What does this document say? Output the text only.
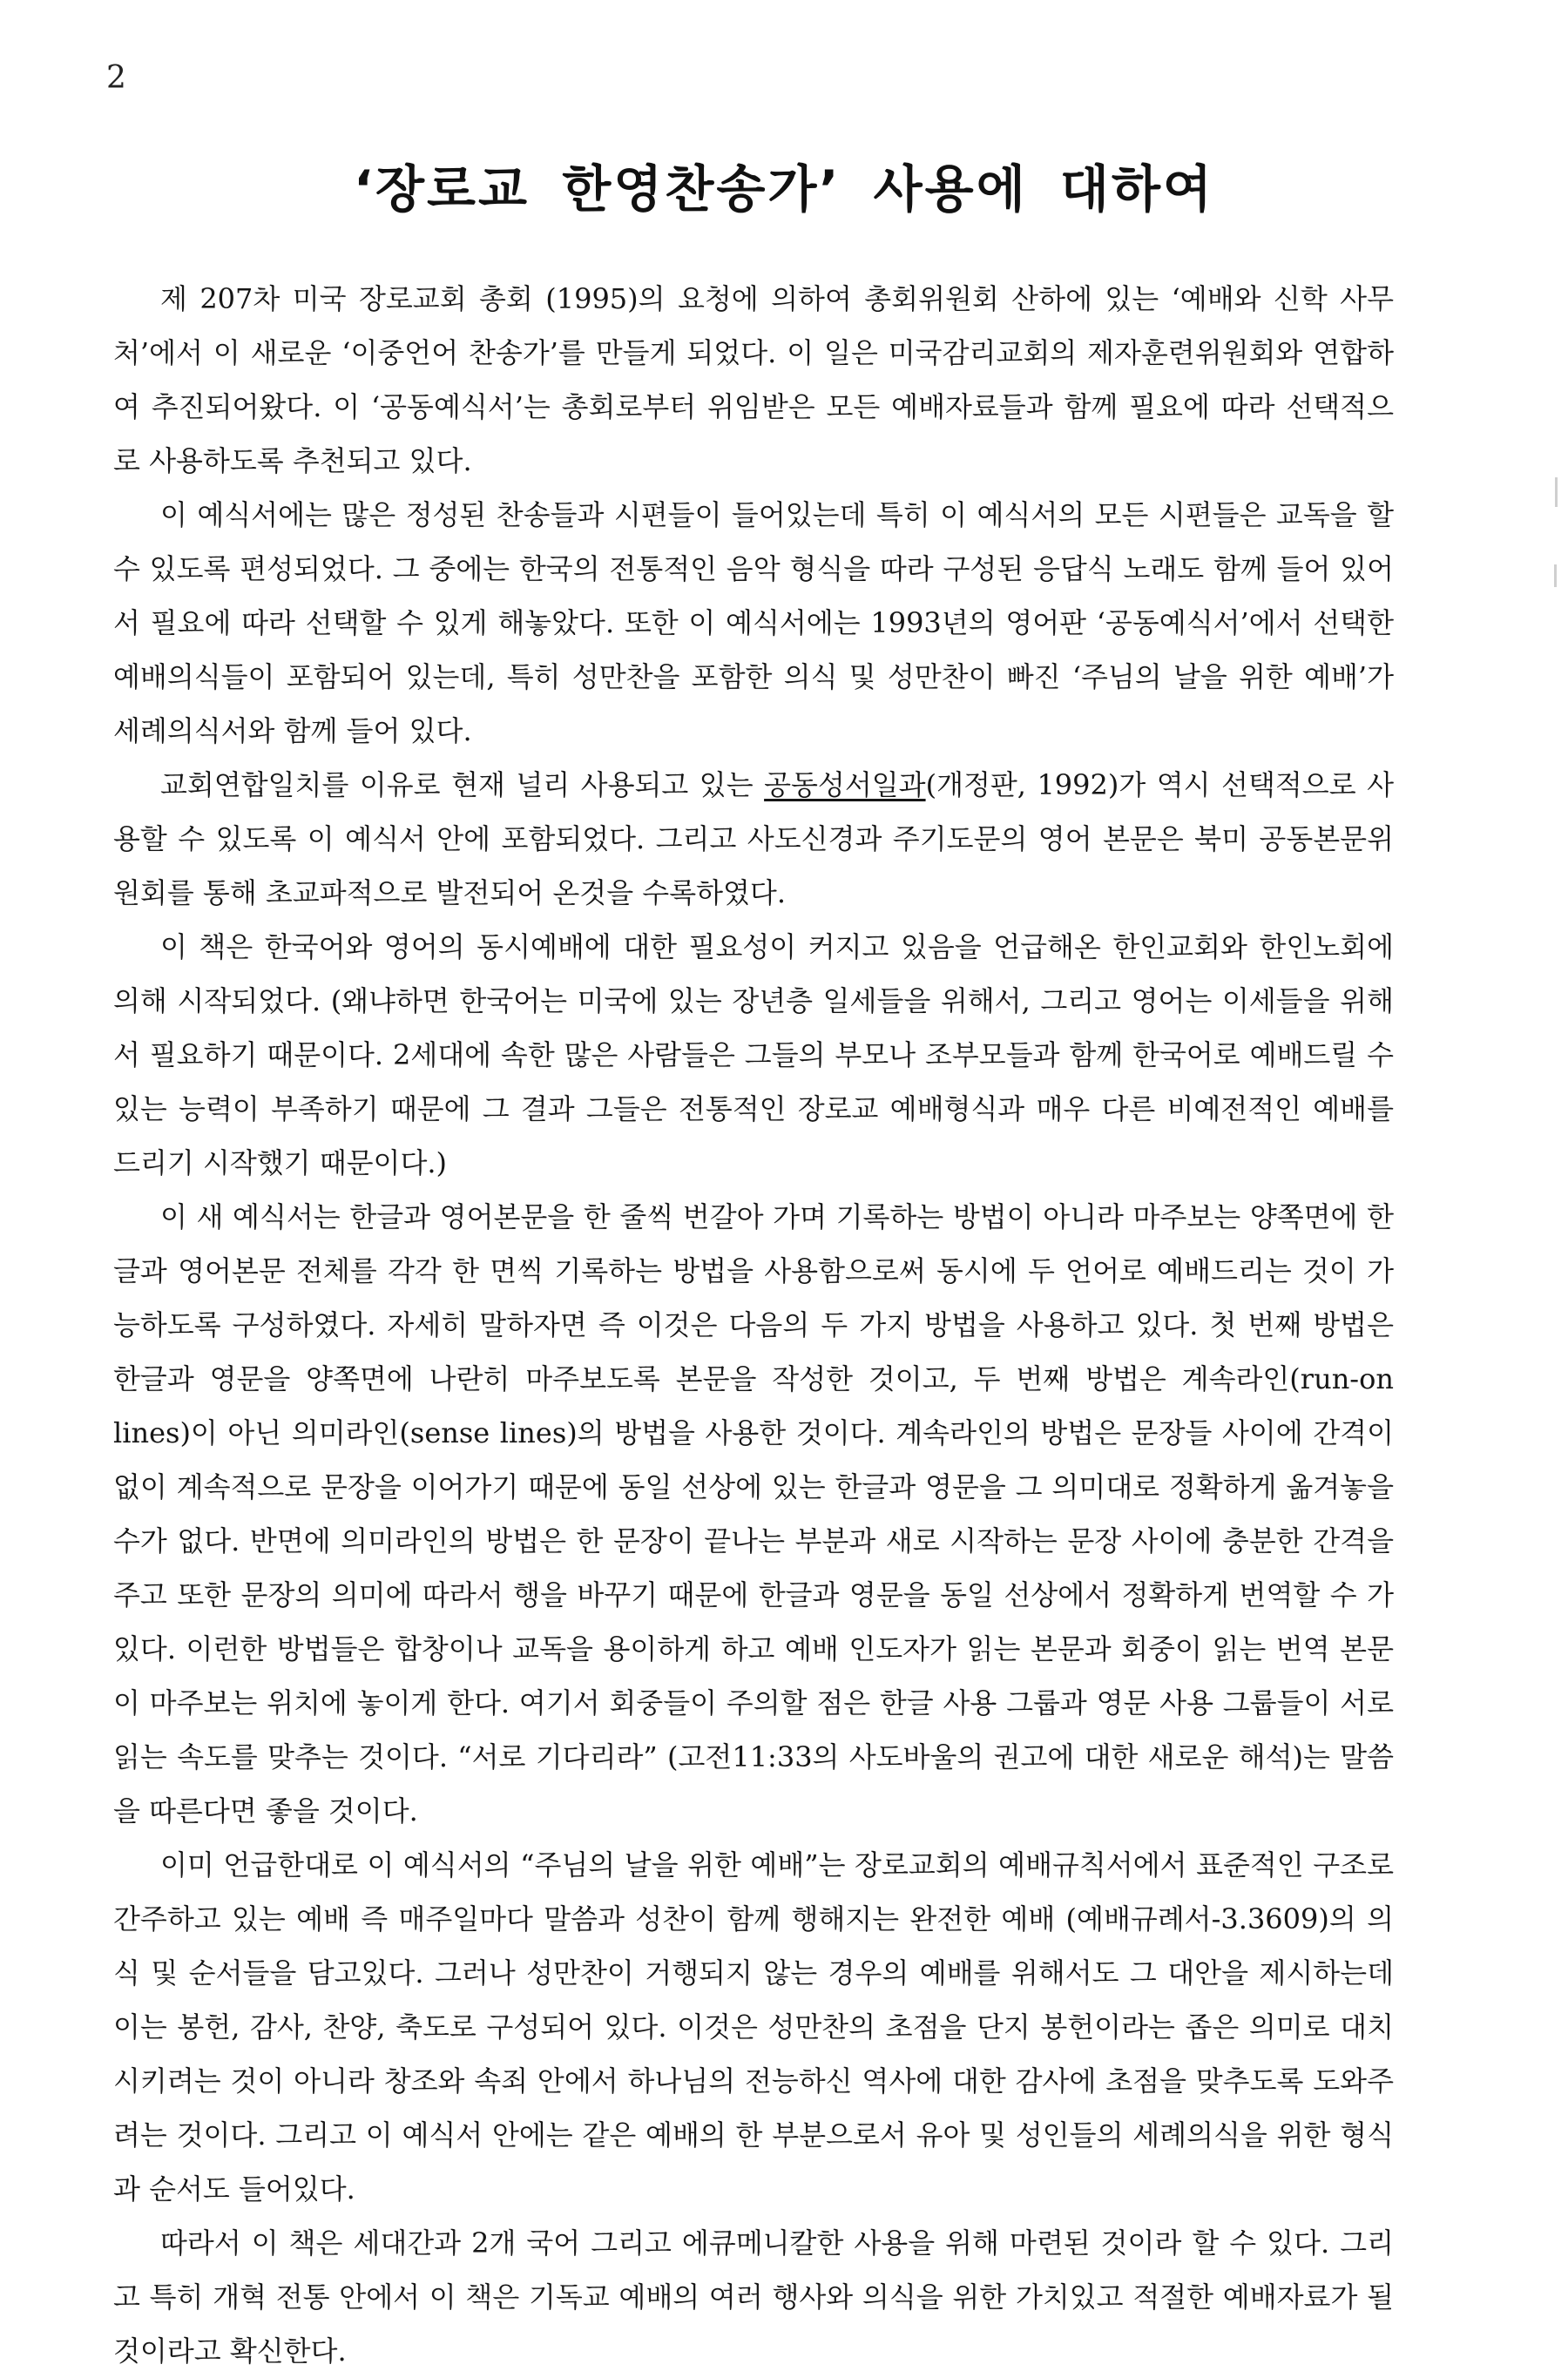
2
‘장로교 한영찬송가’ 사용에 대하여

제 207차 미국 장로교회 총회 (1995)의 요청에 의하여 총회위원회 산하에 있는 ‘예배와 신학 사무처’에서 이 새로운 ‘이중언어 찬송가’를 만들게 되었다. 이 일은 미국감리교회의 제자훈련위원회와 연합하여 추진되어왔다. 이 ‘공동예식서’는 총회로부터 위임받은 모든 예배자료들과 함께 필요에 따라 선택적으로 사용하도록 추천되고 있다.

이 예식서에는 많은 정성된 찬송들과 시편들이 들어있는데 특히 이 예식서의 모든 시편들은 교독을 할 수 있도록 편성되었다. 그 중에는 한국의 전통적인 음악 형식을 따라 구성된 응답식 노래도 함께 들어 있어서 필요에 따라 선택할 수 있게 해놓았다. 또한 이 예식서에는 1993년의 영어판 ‘공동예식서’에서 선택한 예배의식들이 포함되어 있는데, 특히 성만찬을 포함한 의식 및 성만찬이 빠진 ‘주님의 날을 위한 예배’가 세례의식서와 함께 들어 있다.

교회연합일치를 이유로 현재 널리 사용되고 있는 공동성서일과(개정판, 1992)가 역시 선택적으로 사용할 수 있도록 이 예식서 안에 포함되었다. 그리고 사도신경과 주기도문의 영어 본문은 북미 공동본문위원회를 통해 초교파적으로 발전되어 온것을 수록하였다.

이 책은 한국어와 영어의 동시예배에 대한 필요성이 커지고 있음을 언급해온 한인교회와 한인노회에 의해 시작되었다. (왜냐하면 한국어는 미국에 있는 장년층 일세들을 위해서, 그리고 영어는 이세들을 위해서 필요하기 때문이다. 2세대에 속한 많은 사람들은 그들의 부모나 조부모들과 함께 한국어로 예배드릴 수 있는 능력이 부족하기 때문에 그 결과 그들은 전통적인 장로교 예배형식과 매우 다른 비예전적인 예배를 드리기 시작했기 때문이다.)

이 새 예식서는 한글과 영어본문을 한 줄씩 번갈아 가며 기록하는 방법이 아니라 마주보는 양쪽면에 한글과 영어본문 전체를 각각 한 면씩 기록하는 방법을 사용함으로써 동시에 두 언어로 예배드리는 것이 가능하도록 구성하였다. 자세히 말하자면 즉 이것은 다음의 두 가지 방법을 사용하고 있다. 첫 번째 방법은 한글과 영문을 양쪽면에 나란히 마주보도록 본문을 작성한 것이고, 두 번째 방법은 계속라인(run-on lines)이 아닌 의미라인(sense lines)의 방법을 사용한 것이다. 계속라인의 방법은 문장들 사이에 간격이 없이 계속적으로 문장을 이어가기 때문에 동일 선상에 있는 한글과 영문을 그 의미대로 정확하게 옮겨놓을 수가 없다. 반면에 의미라인의 방법은 한 문장이 끝나는 부분과 새로 시작하는 문장 사이에 충분한 간격을 주고 또한 문장의 의미에 따라서 행을 바꾸기 때문에 한글과 영문을 동일 선상에서 정확하게 번역할 수 가있다. 이런한 방법들은 합창이나 교독을 용이하게 하고 예배 인도자가 읽는 본문과 회중이 읽는 번역 본문이 마주보는 위치에 놓이게 한다. 여기서 회중들이 주의할 점은 한글 사용 그룹과 영문 사용 그룹들이 서로 읽는 속도를 맞추는 것이다. “서로 기다리라” (고전11:33의 사도바울의 권고에 대한 새로운 해석)는 말씀을 따른다면 좋을 것이다.

이미 언급한대로 이 예식서의 “주님의 날을 위한 예배”는 장로교회의 예배규칙서에서 표준적인 구조로 간주하고 있는 예배 즉 매주일마다 말씀과 성찬이 함께 행해지는 완전한 예배 (예배규례서-3.3609)의 의식 및 순서들을 담고있다. 그러나 성만찬이 거행되지 않는 경우의 예배를 위해서도 그 대안을 제시하는데 이는 봉헌, 감사, 찬양, 축도로 구성되어 있다. 이것은 성만찬의 초점을 단지 봉헌이라는 좁은 의미로 대치시키려는 것이 아니라 창조와 속죄 안에서 하나님의 전능하신 역사에 대한 감사에 초점을 맞추도록 도와주려는 것이다. 그리고 이 예식서 안에는 같은 예배의 한 부분으로서 유아 및 성인들의 세례의식을 위한 형식과 순서도 들어있다.

따라서 이 책은 세대간과 2개 국어 그리고 에큐메니칼한 사용을 위해 마련된 것이라 할 수 있다. 그리고 특히 개혁 전통 안에서 이 책은 기독교 예배의 여러 행사와 의식을 위한 가치있고 적절한 예배자료가 될 것이라고 확신한다.
